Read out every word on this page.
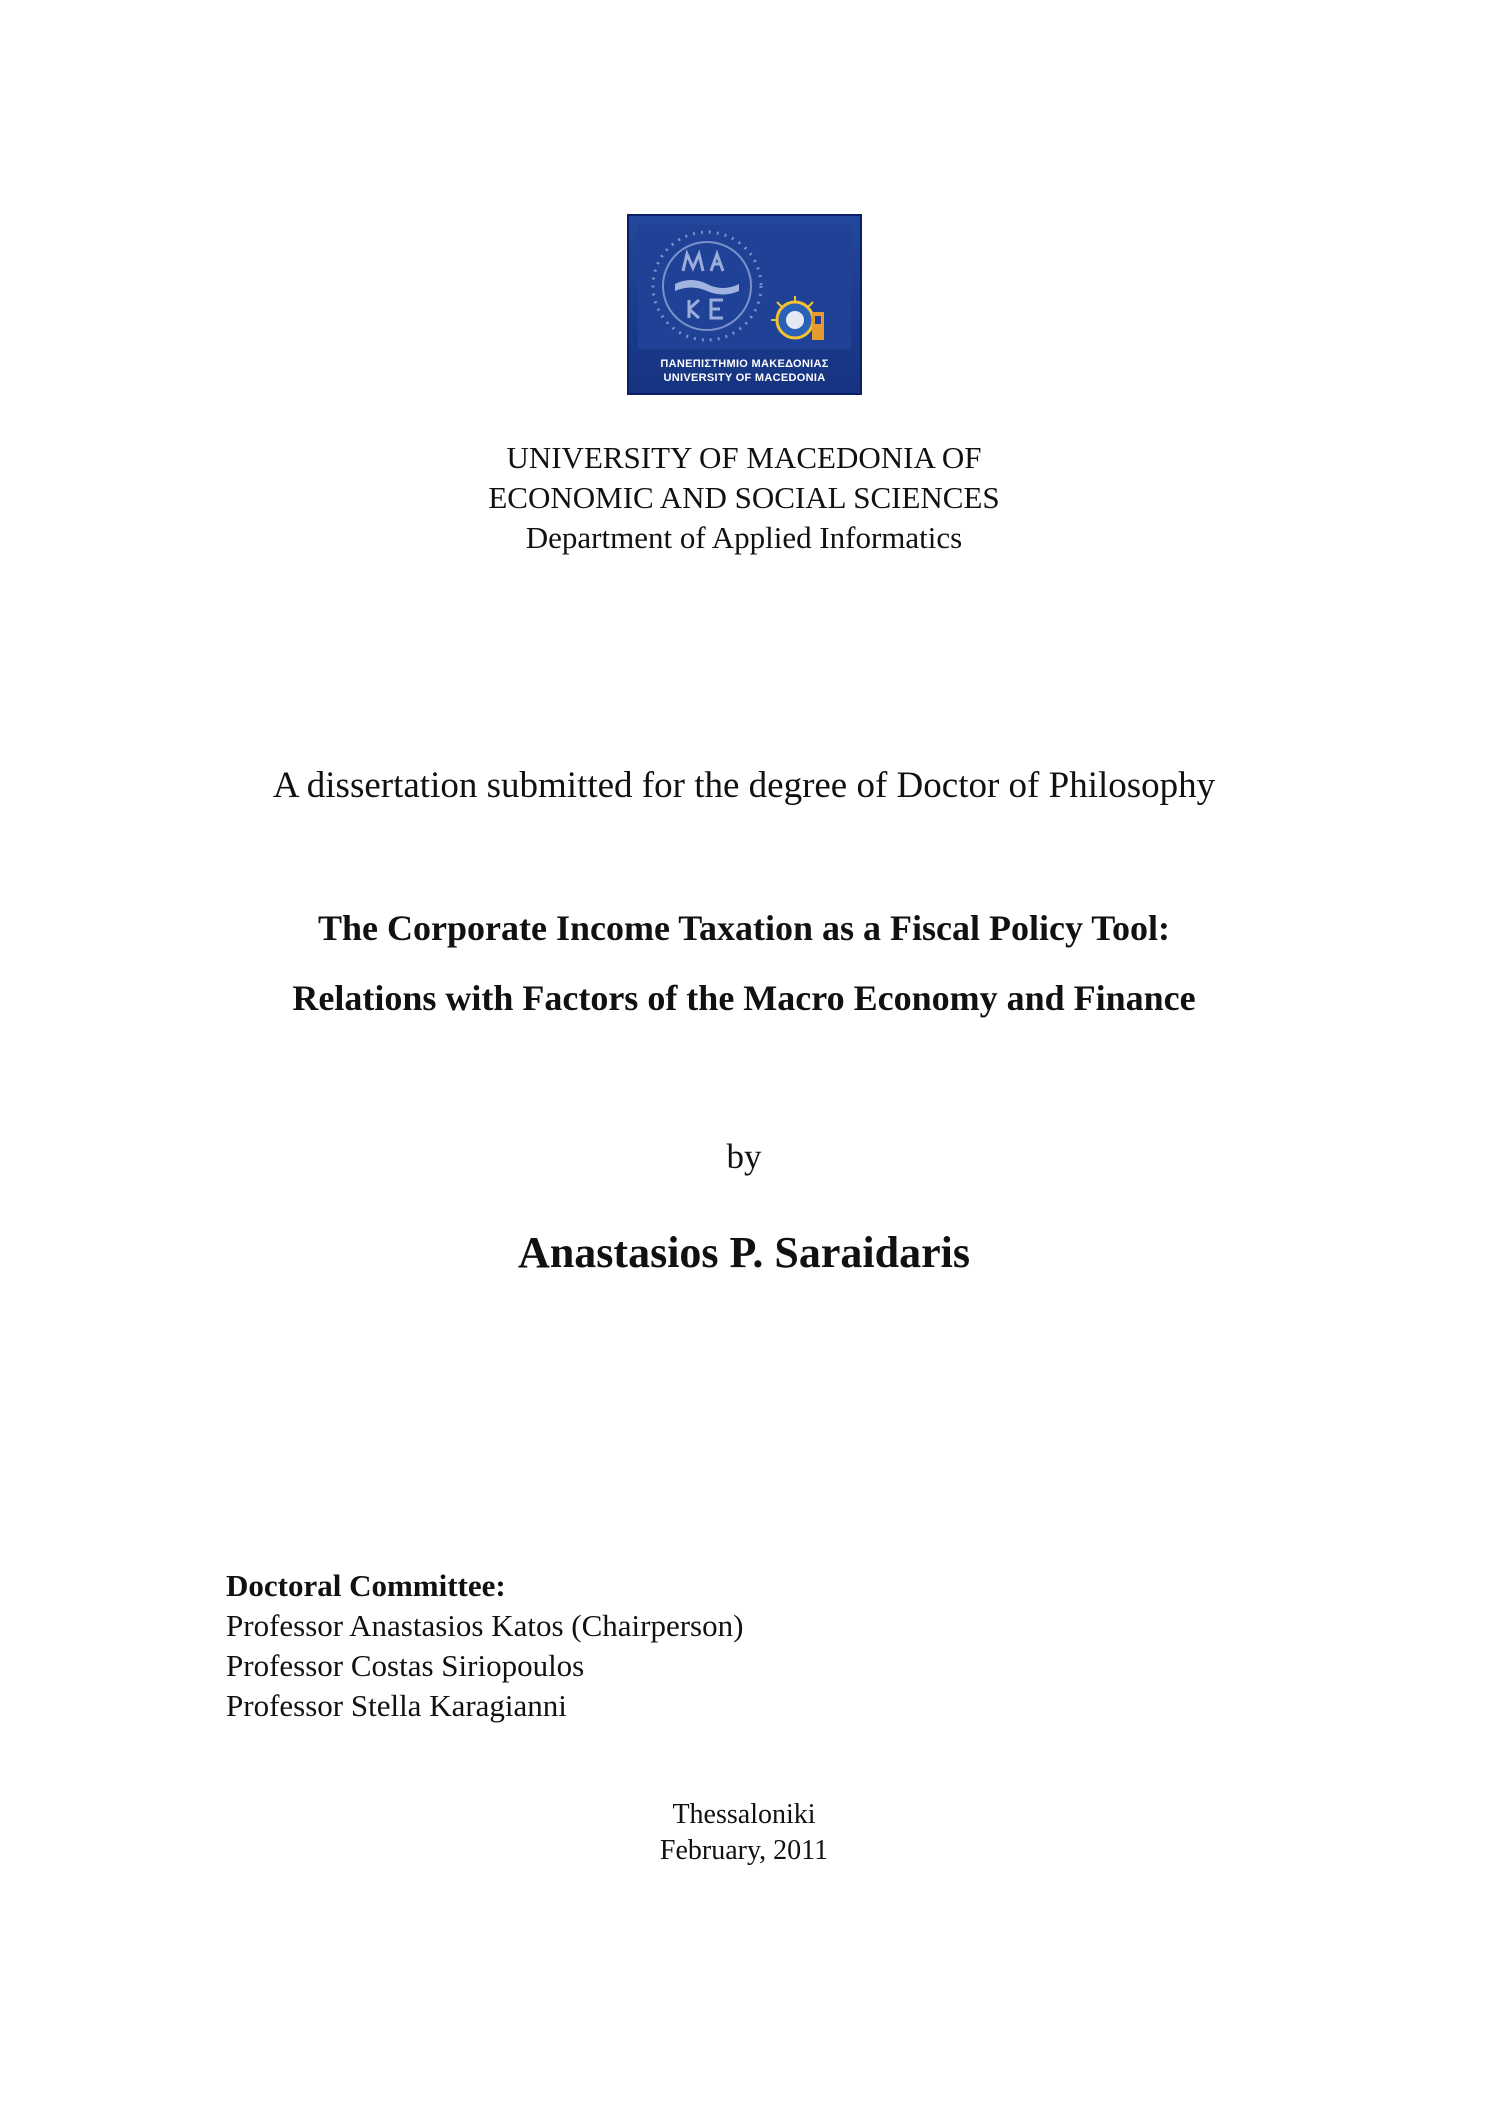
ΠΑΝΕΠΙΣΤΗΜΙΟ ΜΑΚΕΔΟΝΙΑΣ
UNIVERSITY OF MACEDONIA
UNIVERSITY OF MACEDONIA OF
ECONOMIC AND SOCIAL SCIENCES
Department of Applied Informatics
A dissertation submitted for the degree of Doctor of Philosophy
The Corporate Income Taxation as a Fiscal Policy Tool:
Relations with Factors of the Macro Economy and Finance
by
Anastasios P. Saraidaris
Doctoral Committee:
Professor Anastasios Katos (Chairperson)
Professor Costas Siriopoulos
Professor Stella Karagianni
Thessaloniki
February, 2011
